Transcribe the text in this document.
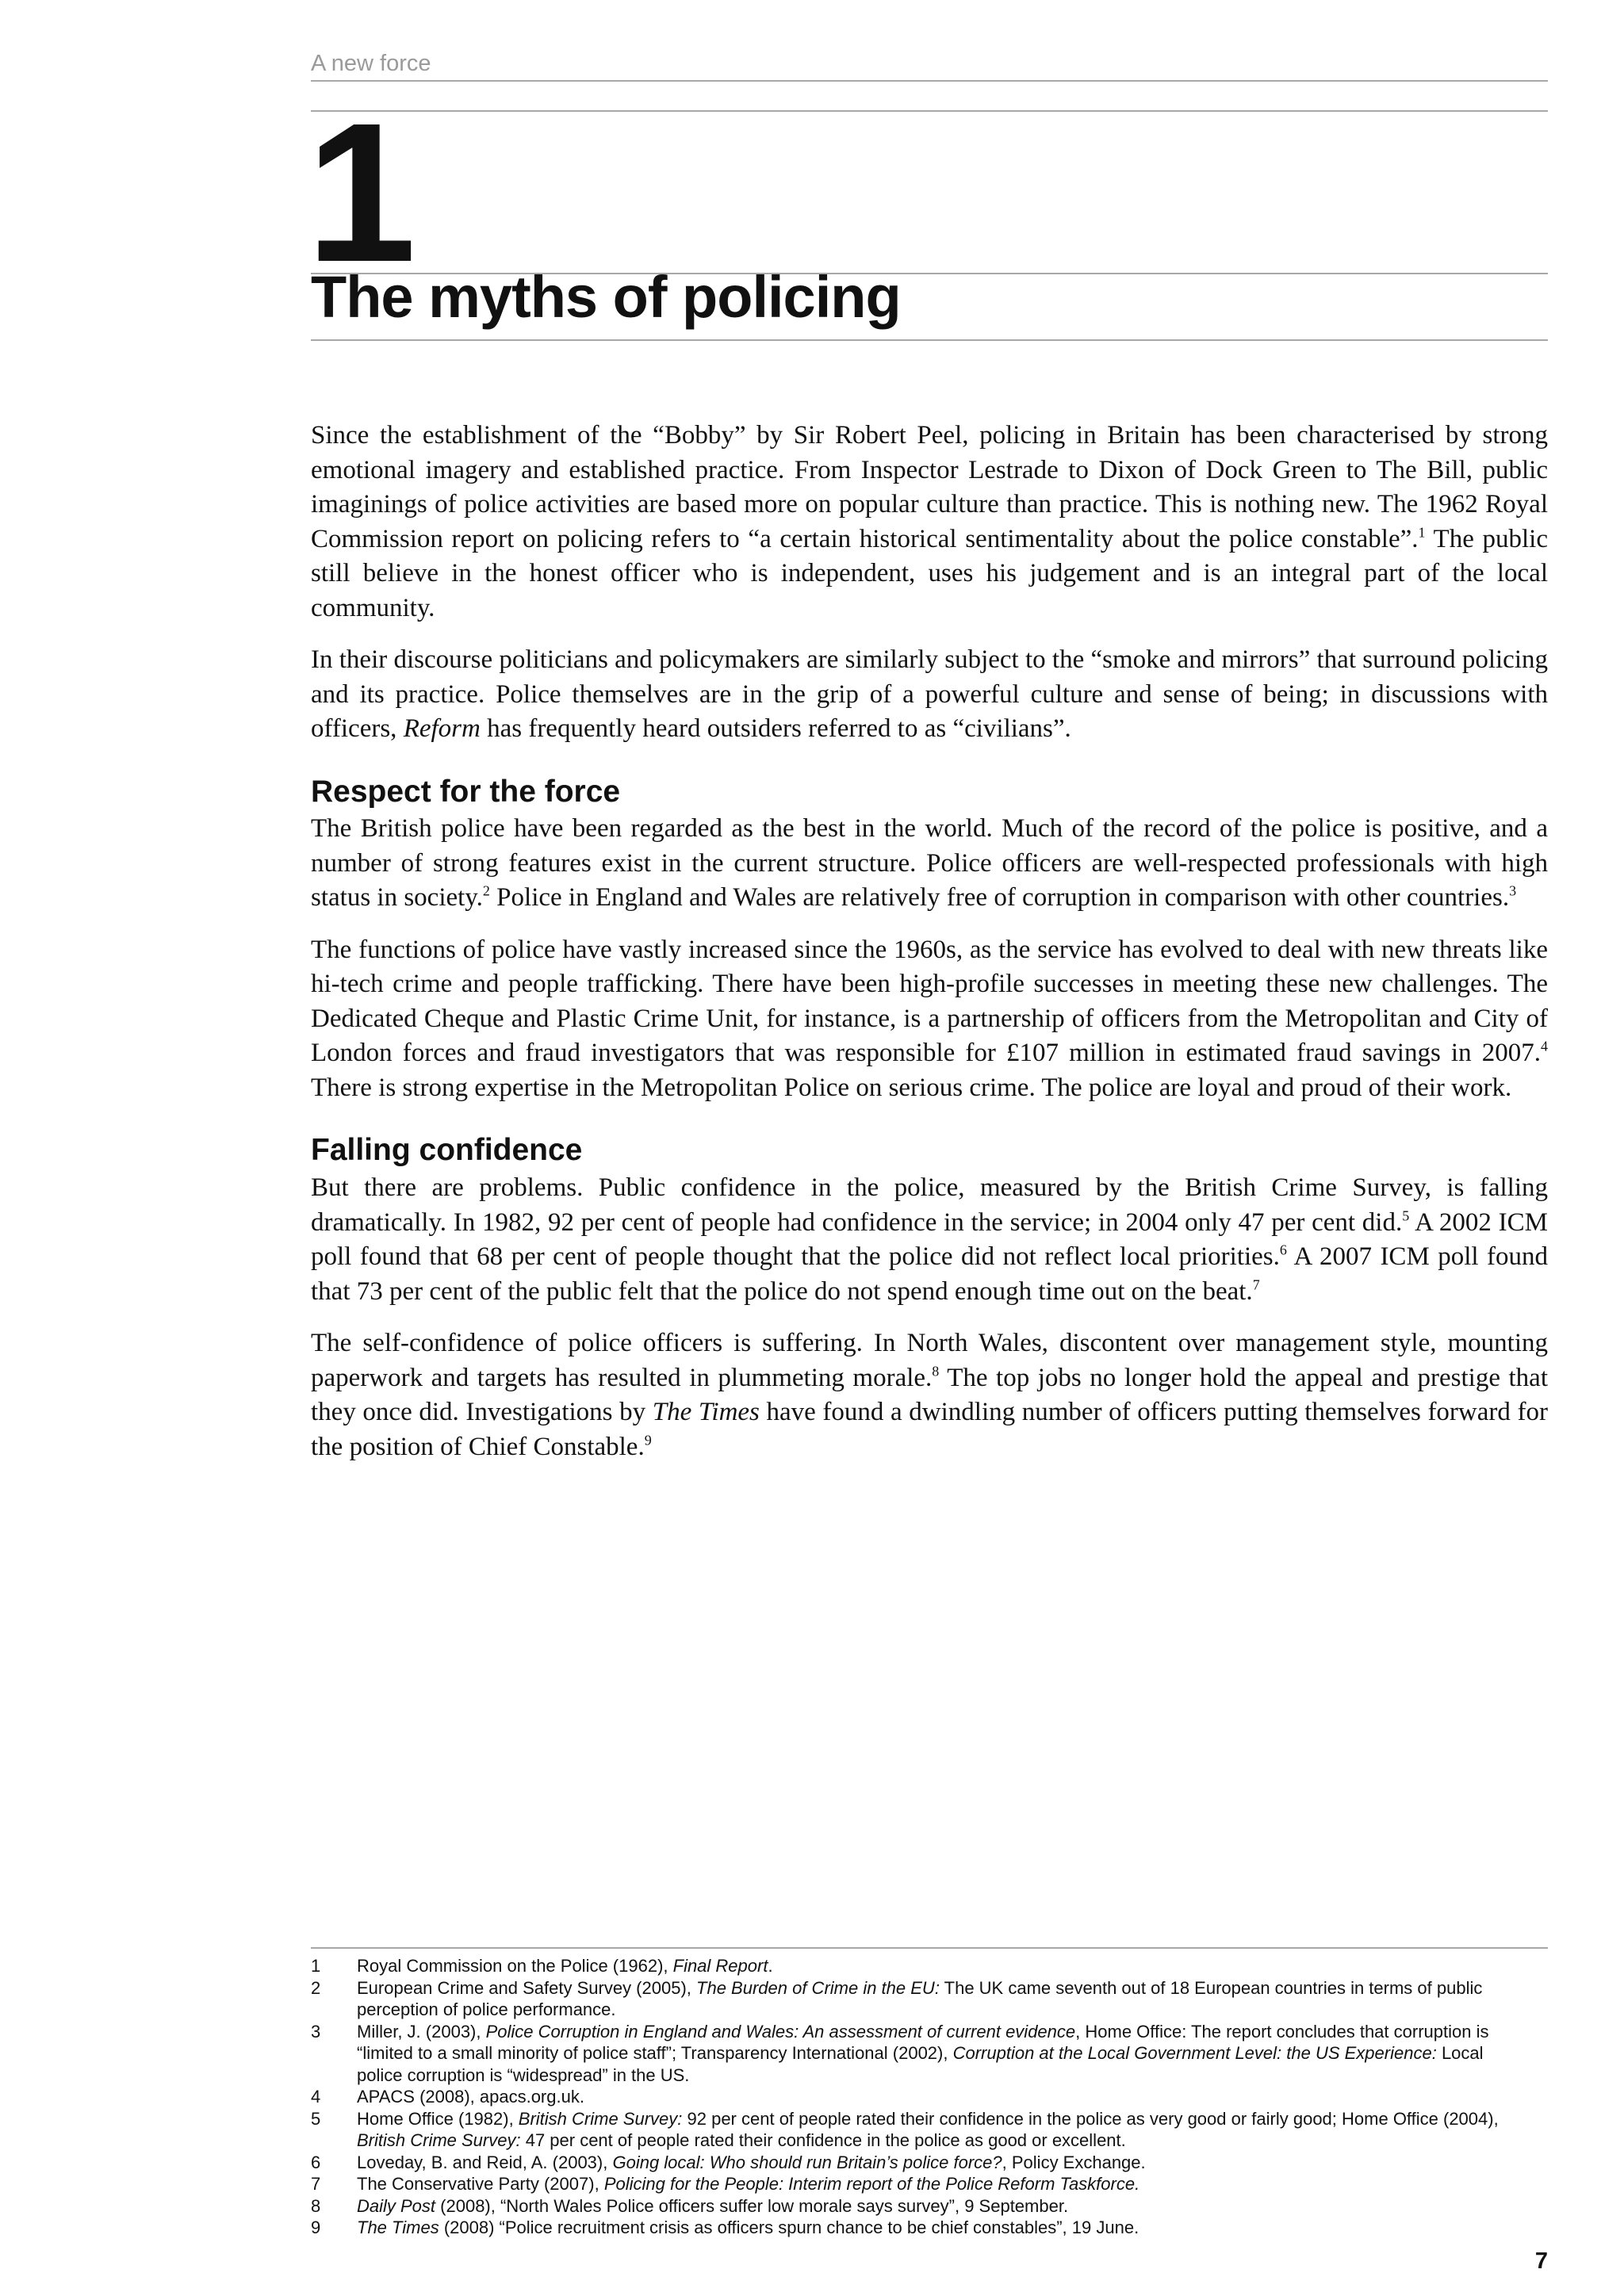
A new force
1
The myths of policing

Since the establishment of the “Bobby” by Sir Robert Peel, policing in Britain has been characterised by strong emotional imagery and established practice. From Inspector Lestrade to Dixon of Dock Green to The Bill, public imaginings of police activities are based more on popular culture than practice. This is nothing new. The 1962 Royal Commission report on policing refers to “a certain historical sentimentality about the police constable”.$^1$ The public still believe in the honest officer who is independent, uses his judgement and is an integral part of the local community.

In their discourse politicians and policymakers are similarly subject to the “smoke and mirrors” that surround policing and its practice. Police themselves are in the grip of a powerful culture and sense of being; in discussions with officers, Reform has frequently heard outsiders referred to as “civilians”.

Respect for the force

The British police have been regarded as the best in the world. Much of the record of the police is positive, and a number of strong features exist in the current structure. Police officers are well-respected professionals with high status in society.$^2$ Police in England and Wales are relatively free of corruption in comparison with other countries.$^3$

The functions of police have vastly increased since the 1960s, as the service has evolved to deal with new threats like hi-tech crime and people trafficking. There have been high-profile successes in meeting these new challenges. The Dedicated Cheque and Plastic Crime Unit, for instance, is a partnership of officers from the Metropolitan and City of London forces and fraud investigators that was responsible for £107 million in estimated fraud savings in 2007.$^4$ There is strong expertise in the Metropolitan Police on serious crime. The police are loyal and proud of their work.

Falling confidence

But there are problems. Public confidence in the police, measured by the British Crime Survey, is falling dramatically. In 1982, 92 per cent of people had confidence in the service; in 2004 only 47 per cent did.$^5$ A 2002 ICM poll found that 68 per cent of people thought that the police did not reflect local priorities.$^6$ A 2007 ICM poll found that 73 per cent of the public felt that the police do not spend enough time out on the beat.$^7$

The self-confidence of police officers is suffering. In North Wales, discontent over management style, mounting paperwork and targets has resulted in plummeting morale.$^8$ The top jobs no longer hold the appeal and prestige that they once did. Investigations by The Times have found a dwindling number of officers putting themselves forward for the position of Chief Constable.$^9$

1	Royal Commission on the Police (1962), Final Report.
2	European Crime and Safety Survey (2005), The Burden of Crime in the EU: The UK came seventh out of 18 European countries in terms of public perception of police performance.
3	Miller, J. (2003), Police Corruption in England and Wales: An assessment of current evidence, Home Office: The report concludes that corruption is “limited to a small minority of police staff”; Transparency International (2002), Corruption at the Local Government Level: the US Experience: Local police corruption is “widespread” in the US.
4	APACS (2008), apacs.org.uk.
5	Home Office (1982), British Crime Survey: 92 per cent of people rated their confidence in the police as very good or fairly good; Home Office (2004), British Crime Survey: 47 per cent of people rated their confidence in the police as good or excellent.
6	Loveday, B. and Reid, A. (2003), Going local: Who should run Britain’s police force?, Policy Exchange.
7	The Conservative Party (2007), Policing for the People: Interim report of the Police Reform Taskforce.
8	Daily Post (2008), “North Wales Police officers suffer low morale says survey”, 9 September.
9	The Times (2008) “Police recruitment crisis as officers spurn chance to be chief constables”, 19 June.
7
